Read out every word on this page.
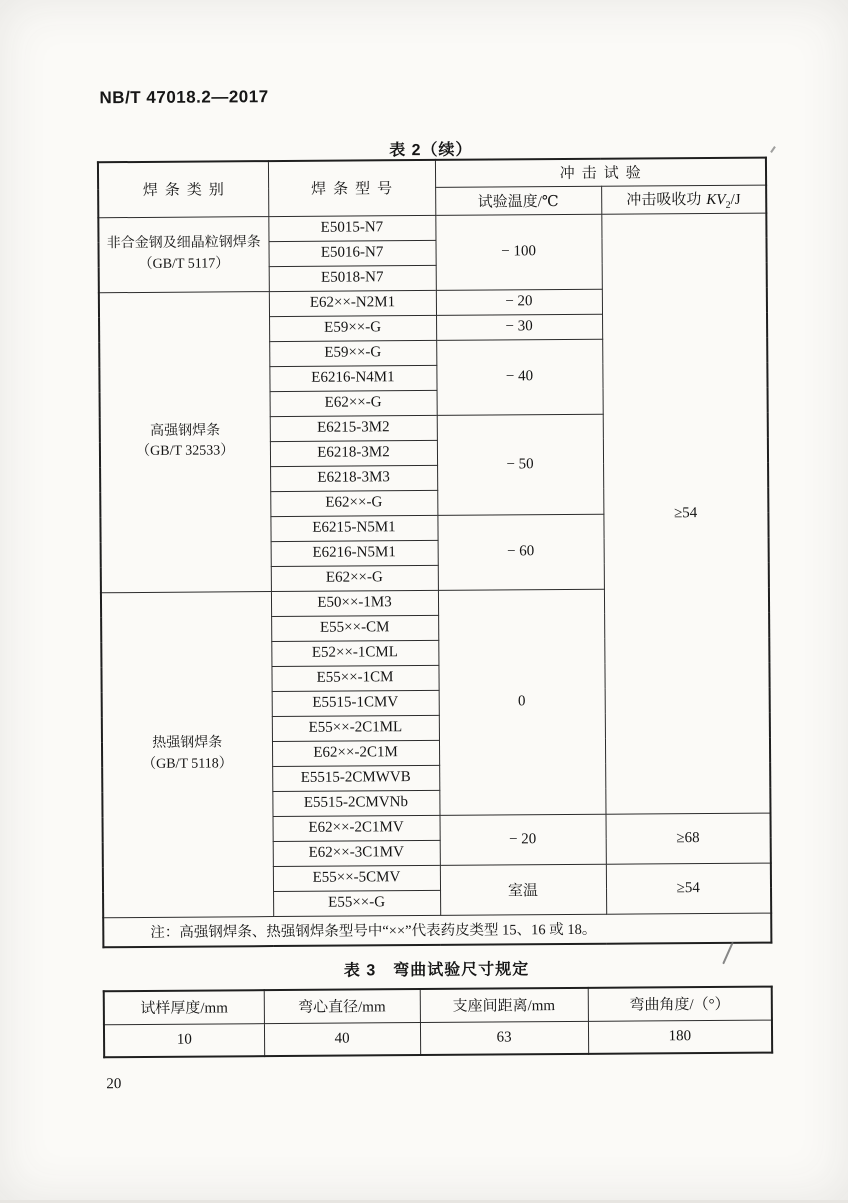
NB/T 47018.2—2017
表 2（续）
焊条类别	焊条型号	冲击试验	
		试验温度/℃	冲击吸收功 $KV_2/J$
非合金钢及细晶粒钢焊条
（GB/T 5117）	E5015-N7	− 100	≥54
	E5016-N7		
	E5018-N7		
高强钢焊条
（GB/T 32533）	E62××-N2M1	− 20	
	E59××-G	− 30	
	E59××-G	− 40	
	E6216-N4M1		
	E62××-G		
	E6215-3M2	− 50	
	E6218-3M2		
	E6218-3M3		
	E62××-G		
	E6215-N5M1	− 60	
	E6216-N5M1		
	E62××-G		
热强钢焊条
（GB/T 5118）	E50××-1M3	0	
	E55××-CM		
	E52××-1CML		
	E55××-1CM		
	E5515-1CMV		
	E55××-2C1ML		
	E62××-2C1M		
	E5515-2CMWVB		
	E5515-2CMVNb		
	E62××-2C1MV	− 20	≥68
	E62××-3C1MV		
	E55××-5CMV	室温	≥54
	E55××-G		
注：高强钢焊条、热强钢焊条型号中“××”代表药皮类型 15、16 或 18。			
表 3　弯曲试验尺寸规定
试样厚度/mm	弯心直径/mm	支座间距离/mm	弯曲角度/（°）
10	40	63	180
20
